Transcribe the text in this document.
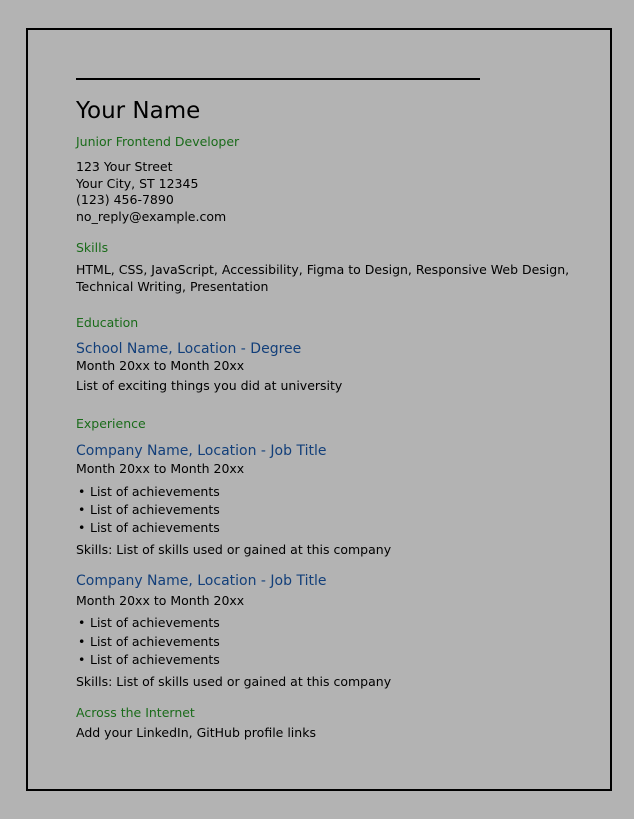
Your Name
Junior Frontend Developer
123 Your Street
Your City, ST 12345
(123) 456-7890
no_reply@example.com
Skills
HTML, CSS, JavaScript, Accessibility, Figma to Design, Responsive Web Design,
Technical Writing, Presentation
Education
School Name, Location - Degree
Month 20xx to Month 20xx
List of exciting things you did at university
Experience
Company Name, Location - Job Title
Month 20xx to Month 20xx
• List of achievements
• List of achievements
• List of achievements
Skills: List of skills used or gained at this company
Company Name, Location - Job Title
Month 20xx to Month 20xx
• List of achievements
• List of achievements
• List of achievements
Skills: List of skills used or gained at this company
Across the Internet
Add your LinkedIn, GitHub profile links
